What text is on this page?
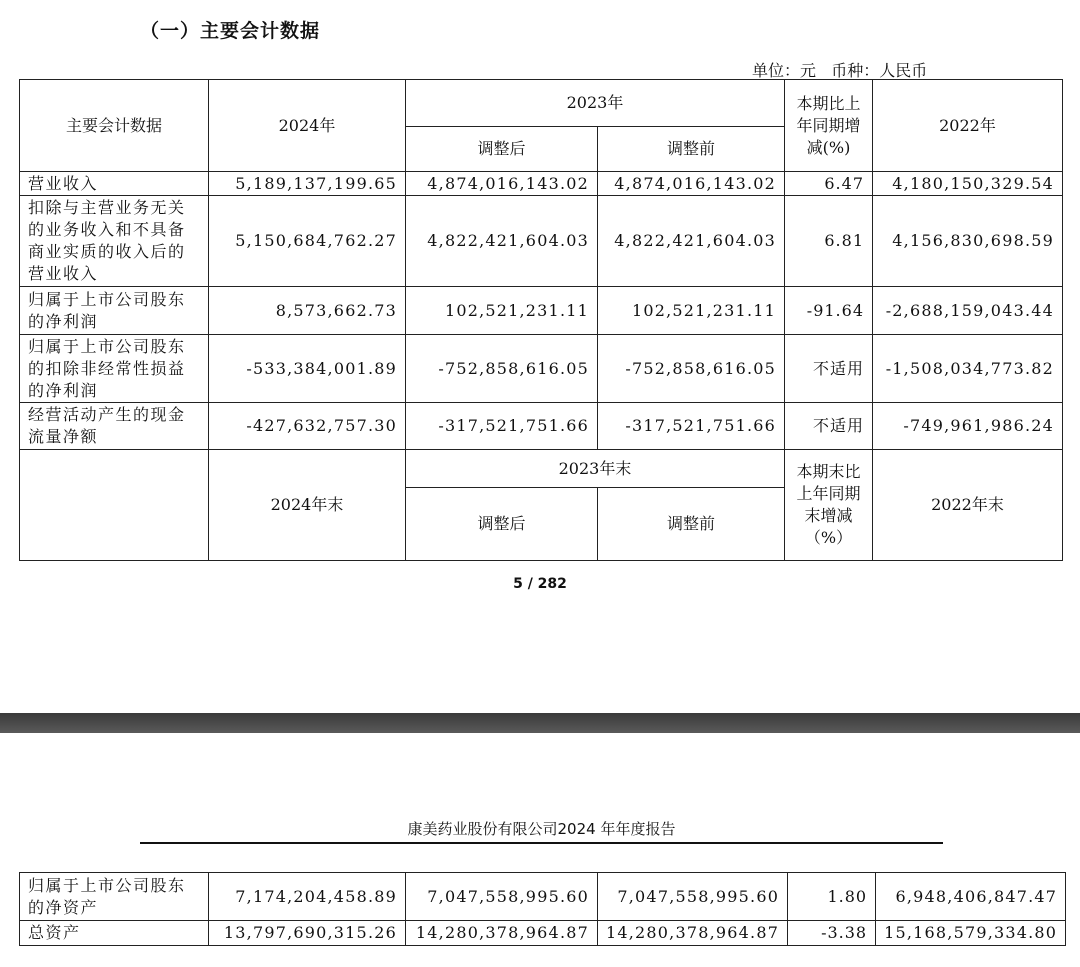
（一）主要会计数据
单位：元   币种：人民币
主要会计数据	2024年	2023年		本期比上年同期增减(%)	2022年
		调整后	调整前		
营业收入	5,189,137,199.65	4,874,016,143.02	4,874,016,143.02	6.47	4,180,150,329.54
扣除与主营业务无关的业务收入和不具备商业实质的收入后的营业收入	5,150,684,762.27	4,822,421,604.03	4,822,421,604.03	6.81	4,156,830,698.59
归属于上市公司股东的净利润	8,573,662.73	102,521,231.11	102,521,231.11	-91.64	-2,688,159,043.44
归属于上市公司股东的扣除非经常性损益的净利润	-533,384,001.89	-752,858,616.05	-752,858,616.05	不适用	-1,508,034,773.82
经营活动产生的现金流量净额	-427,632,757.30	-317,521,751.66	-317,521,751.66	不适用	-749,961,986.24
	2024年末	2023年末		本期末比上年同期末增减（%）	2022年末
		调整后	调整前		
5 / 282
康美药业股份有限公司2024 年年度报告
归属于上市公司股东的净资产	7,174,204,458.89	7,047,558,995.60	7,047,558,995.60	1.80	6,948,406,847.47
总资产	13,797,690,315.26	14,280,378,964.87	14,280,378,964.87	-3.38	15,168,579,334.80
